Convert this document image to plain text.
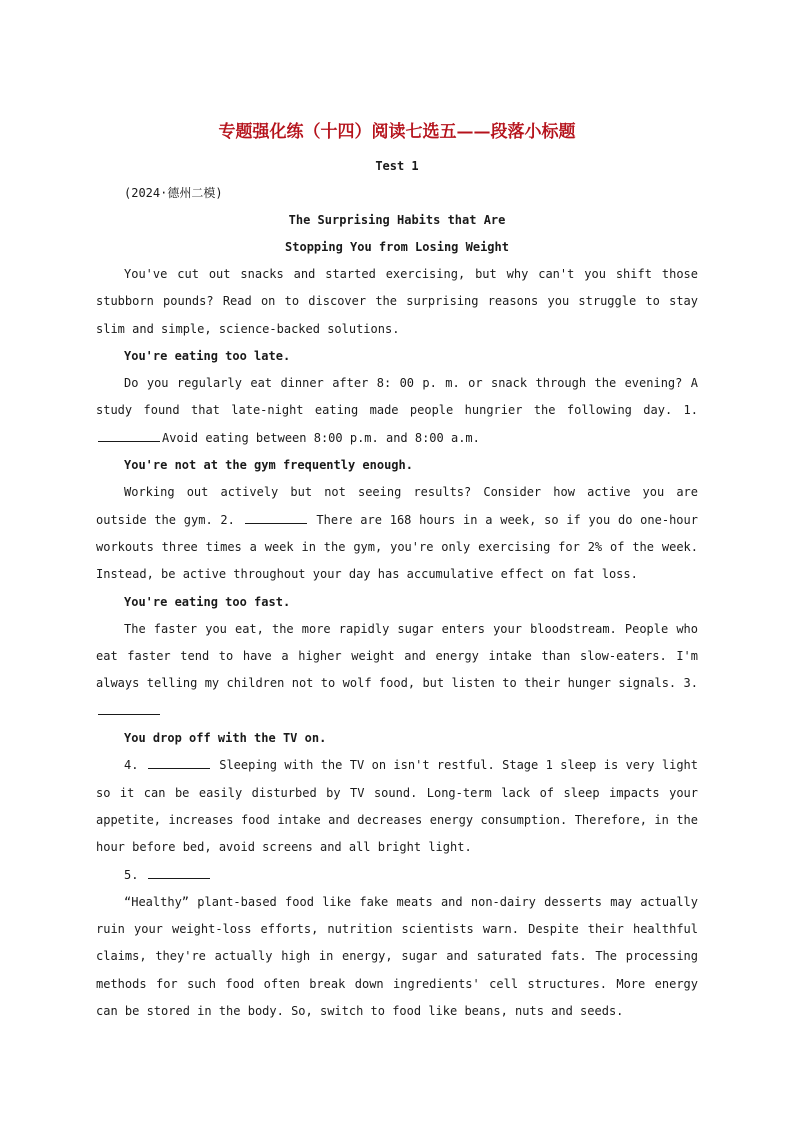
专题强化练（十四）阅读七选五——段落小标题
Test 1
(2024·德州二模)
The Surprising Habits that Are
Stopping You from Losing Weight

You've cut out snacks and started exercising, but why can't you shift those stubborn pounds? Read on to discover the surprising reasons you struggle to stay slim and simple, science-backed solutions.

You're eating too late.

Do you regularly eat dinner after 8: 00 p. m. or snack through the evening? A study found that late-night eating made people hungrier the following day. 1.Avoid eating between 8:00 p.m. and 8:00 a.m.

You're not at the gym frequently enough.

Working out actively but not seeing results? Consider how active you are outside the gym. 2.	There are 168 hours in a week, so if you do one-hour workouts three times a week in the gym, you're only exercising for 2% of the week. Instead, be active throughout your day has accumulative effect on fat loss.

You're eating too fast.

The faster you eat, the more rapidly sugar enters your bloodstream. People who eat faster tend to have a higher weight and energy intake than slow-eaters. I'm always telling my children not to wolf food, but listen to their hunger signals. 3.

You drop off with the TV on.

4.	Sleeping with the TV on isn't restful. Stage 1 sleep is very light so it can be easily disturbed by TV sound. Long-term lack of sleep impacts your appetite, increases food intake and decreases energy consumption. Therefore, in the hour before bed, avoid screens and all bright light.

5.

“Healthy” plant-based food like fake meats and non-dairy desserts may actually ruin your weight-loss efforts, nutrition scientists warn. Despite their healthful claims, they're actually high in energy, sugar and saturated fats. The processing methods for such food often break down ingredients' cell structures. More energy can be stored in the body. So, switch to food like beans, nuts and seeds.
